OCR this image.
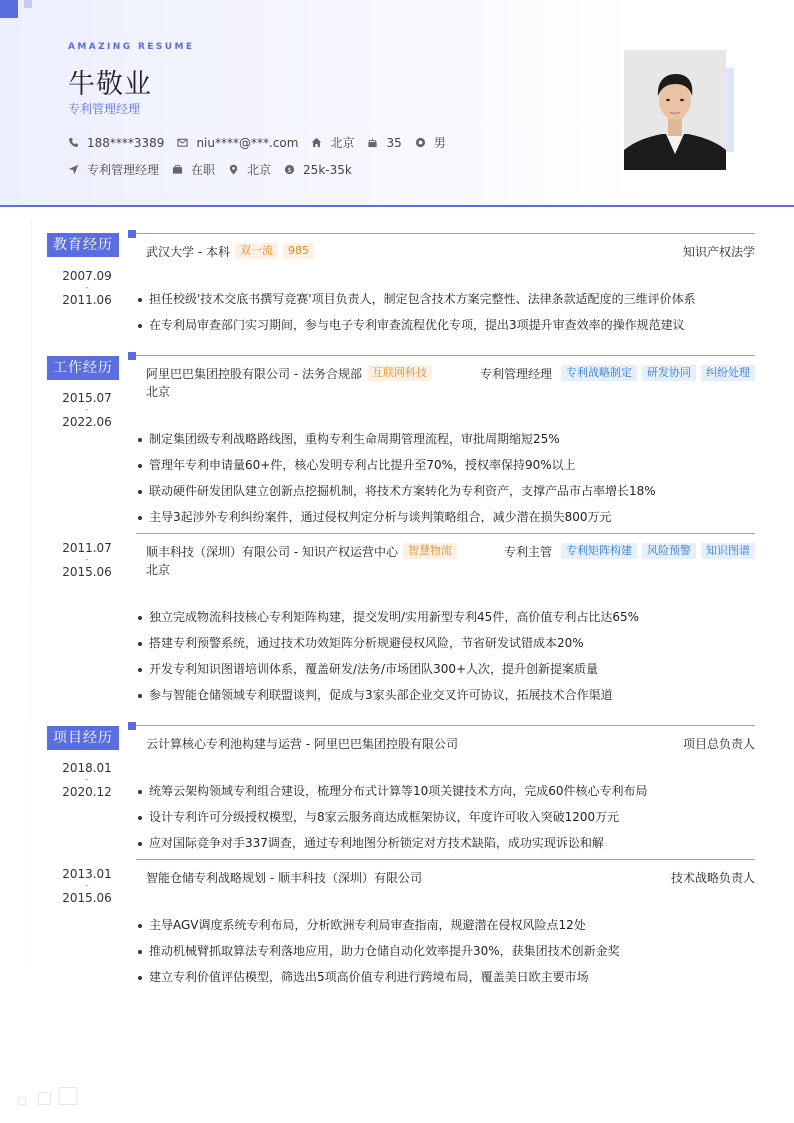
AMAZING RESUME
牛敬业
专利管理经理
188****3389	niu****@***.com	北京	35	男
专利管理经理	在职	北京 $ 25k-35k
教育经历
2007.09
-
2011.06
武汉大学 - 本科 双一流	985	知识产权法学
担任校级'技术交底书撰写竞赛'项目负责人，制定包含技术方案完整性、法律条款适配度的三维评价体系
在专利局审查部门实习期间，参与电子专利审查流程优化专项，提出3项提升审查效率的操作规范建议
工作经历
2015.07
-
2022.06
阿里巴巴集团控股有限公司 - 法务合规部 互联网科技	专利管理经理	专利战略制定	研发协同	纠纷处理
北京
制定集团级专利战略路线图，重构专利生命周期管理流程，审批周期缩短25%
管理年专利申请量60+件，核心发明专利占比提升至70%，授权率保持90%以上
联动硬件研发团队建立创新点挖掘机制，将技术方案转化为专利资产，支撑产品市占率增长18%
主导3起涉外专利纠纷案件，通过侵权判定分析与谈判策略组合，减少潜在损失800万元
2011.07
-
2015.06
顺丰科技（深圳）有限公司 - 知识产权运营中心 智慧物流	专利主管	专利矩阵构建	风险预警	知识图谱
北京
独立完成物流科技核心专利矩阵构建，提交发明/实用新型专利45件，高价值专利占比达65%
搭建专利预警系统，通过技术功效矩阵分析规避侵权风险，节省研发试错成本20%
开发专利知识图谱培训体系，覆盖研发/法务/市场团队300+人次，提升创新提案质量
参与智能仓储领域专利联盟谈判，促成与3家头部企业交叉许可协议，拓展技术合作渠道
项目经历
2018.01
-
2020.12
云计算核心专利池构建与运营 - 阿里巴巴集团控股有限公司	项目总负责人
统筹云架构领域专利组合建设，梳理分布式计算等10项关键技术方向，完成60件核心专利布局
设计专利许可分级授权模型，与8家云服务商达成框架协议，年度许可收入突破1200万元
应对国际竞争对手337调查，通过专利地图分析锁定对方技术缺陷，成功实现诉讼和解
2013.01
-
2015.06
智能仓储专利战略规划 - 顺丰科技（深圳）有限公司	技术战略负责人
主导AGV调度系统专利布局，分析欧洲专利局审查指南，规避潜在侵权风险点12处
推动机械臂抓取算法专利落地应用，助力仓储自动化效率提升30%，获集团技术创新金奖
建立专利价值评估模型，筛选出5项高价值专利进行跨境布局，覆盖美日欧主要市场
